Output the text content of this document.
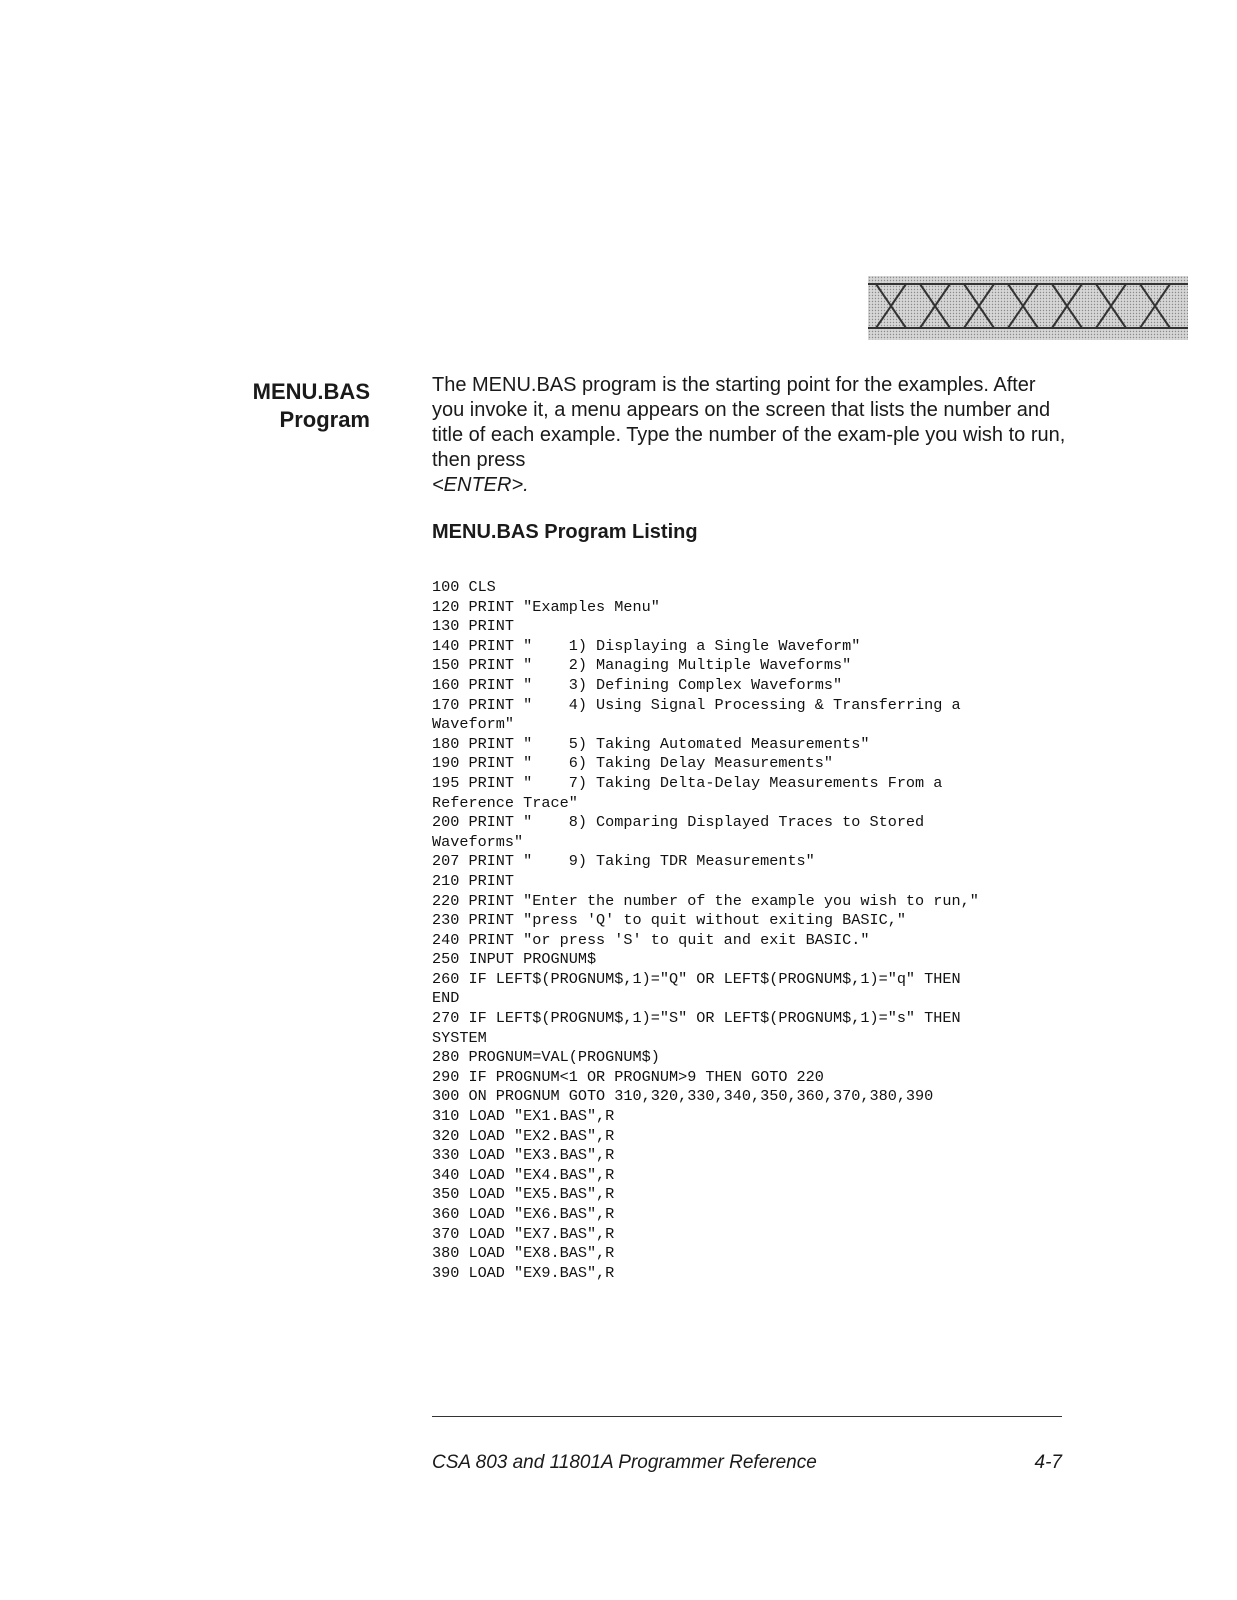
MENU.BAS
Program

The MENU.BAS program is the starting point for the examples. After you invoke it, a menu appears on the screen that lists the number and title of each example. Type the number of the exam-ple you wish to run, then press
<ENTER>.

MENU.BAS Program Listing
100 CLS
120 PRINT "Examples Menu"
130 PRINT
140 PRINT "    1) Displaying a Single Waveform"
150 PRINT "    2) Managing Multiple Waveforms"
160 PRINT "    3) Defining Complex Waveforms"
170 PRINT "    4) Using Signal Processing & Transferring a
Waveform"
180 PRINT "    5) Taking Automated Measurements"
190 PRINT "    6) Taking Delay Measurements"
195 PRINT "    7) Taking Delta-Delay Measurements From a
Reference Trace"
200 PRINT "    8) Comparing Displayed Traces to Stored
Waveforms"
207 PRINT "    9) Taking TDR Measurements"
210 PRINT
220 PRINT "Enter the number of the example you wish to run,"
230 PRINT "press 'Q' to quit without exiting BASIC,"
240 PRINT "or press 'S' to quit and exit BASIC."
250 INPUT PROGNUM$
260 IF LEFT$(PROGNUM$,1)="Q" OR LEFT$(PROGNUM$,1)="q" THEN
END
270 IF LEFT$(PROGNUM$,1)="S" OR LEFT$(PROGNUM$,1)="s" THEN
SYSTEM
280 PROGNUM=VAL(PROGNUM$)
290 IF PROGNUM<1 OR PROGNUM>9 THEN GOTO 220
300 ON PROGNUM GOTO 310,320,330,340,350,360,370,380,390
310 LOAD "EX1.BAS",R
320 LOAD "EX2.BAS",R
330 LOAD "EX3.BAS",R
340 LOAD "EX4.BAS",R
350 LOAD "EX5.BAS",R
360 LOAD "EX6.BAS",R
370 LOAD "EX7.BAS",R
380 LOAD "EX8.BAS",R
390 LOAD "EX9.BAS",R
CSA 803 and 11801A Programmer Reference	4-7
